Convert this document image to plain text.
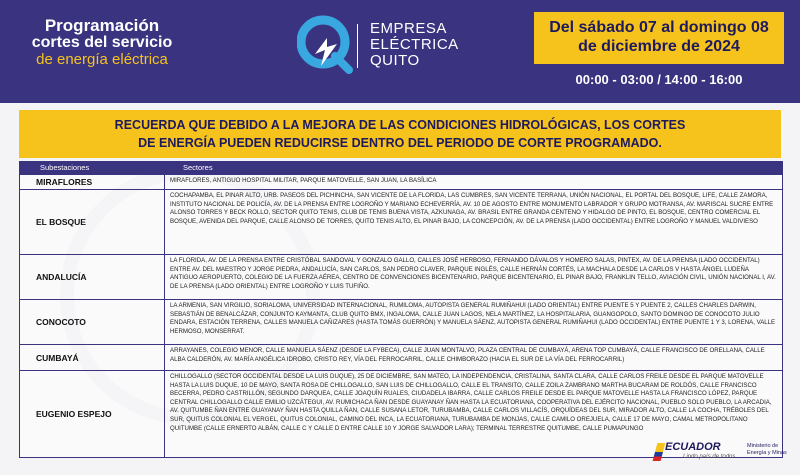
Programación
cortes del servicio
de energía eléctrica
EMPRESA
ELÉCTRICA
QUITO
Del sábado 07 al domingo 08
de diciembre de 2024
00:00 - 03:00 / 14:00 - 16:00
RECUERDA QUE DEBIDO A LA MEJORA DE LAS CONDICIONES HIDROLÓGICAS, LOS CORTES
DE ENERGÍA PUEDEN REDUCIRSE DENTRO DEL PERIODO DE CORTE PROGRAMADO.
Subestaciones	Sectores
MIRAFLORES	MIRAFLORES, ANTIGUO HOSPITAL MILITAR, PARQUE MATOVELLE, SAN JUAN, LA BASÍLICA
EL BOSQUE
COCHAPAMBA, EL PINAR ALTO, URB. PASEOS DEL PICHINCHA, SAN VICENTE DE LA FLORIDA, LAS CUMBRES, SAN VICENTE TERRANA, UNIÓN NACIONAL, EL PORTAL DEL BOSQUE, LIFE, CALLE ZAMORA, INSTITUTO NACIONAL DE POLICÍA, AV. DE LA PRENSA ENTRE LOGROÑO Y MARIANO ECHEVERRÍA, AV. 10 DE AGOSTO ENTRE MONUMENTO LABRADOR Y GRUPO MOTRANSA, AV. MARISCAL SUCRE ENTRE ALONSO TORRES Y BECK ROLLO, SECTOR QUITO TENIS, CLUB DE TENIS BUENA VISTA, AZKUNAGA, AV. BRASIL ENTRE GRANDA CENTENO Y HIDALGO DE PINTO, EL BOSQUE, CENTRO COMERCIAL EL BOSQUE, AVENIDA DEL PARQUE, CALLE ALONSO DE TORRES, QUITO TENIS ALTO, EL PINAR BAJO, LA CONCEPCIÓN, AV. DE LA PRENSA (LADO OCCIDENTAL) ENTRE LOGROÑO Y MANUEL VALDIVIESO
ANDALUCÍA
LA FLORIDA, AV. DE LA PRENSA ENTRE CRISTÓBAL SANDOVAL Y GONZALO GALLO, CALLES JOSÉ HERBOSO, FERNANDO DÁVALOS Y HOMERO SALAS, PINTEX, AV. DE LA PRENSA (LADO OCCIDENTAL) ENTRE AV. DEL MAESTRO Y JORGE PIEDRA, ANDALUCÍA, SAN CARLOS, SAN PEDRO CLAVER, PARQUE INGLÉS, CALLE HERNÁN CORTÉS, LA MACHALA DESDE LA CARLOS V HASTA ÁNGEL LUDEÑA ANTIGUO AEROPUERTO, COLEGIO DE LA FUERZA AÉREA, CENTRO DE CONVENCIONES BICENTENARIO, PARQUE BICENTENARIO, EL PINAR BAJO, FRANKLIN TELLO, AVIACIÓN CIVIL, UNIÓN NACIONAL I, AV. DE LA PRENSA (LADO ORIENTAL) ENTRE LOGROÑO Y LUIS TUFIÑO.
CONOCOTO
LA ARMENIA, SAN VIRGILIO, SORIALOMA, UNIVERSIDAD INTERNACIONAL, RUMILOMA, AUTOPISTA GENERAL RUMIÑAHUI (LADO ORIENTAL) ENTRE PUENTE 5 Y PUENTE 2, CALLES CHARLES DARWIN, SEBASTIÁN DE BENALCÁZAR, CONJUNTO KAYMANTA, CLUB QUITO BMX, INGALOMA, CALLE JUAN LAGOS, NELA MARTÍNEZ, LA HOSPITALARIA, GUANGOPOLO, SANTO DOMINGO DE CONOCOTO JULIO ENDARA, ESTACIÓN TERRENA, CALLES MANUELA CAÑIZARES (HASTA TOMÁS GUERRÓN) Y MANUELA SÁENZ, AUTOPISTA GENERAL RUMIÑAHUI (LADO OCCIDENTAL) ENTRE PUENTE 1 Y 3, LORENA, VALLE HERMOSO, MONSERRAT.
CUMBAYÁ
ARRAYANES, COLEGIO MENOR, CALLE MANUELA SÁENZ (DESDE LA FYBECA), CALLE JUAN MONTALVO, PLAZA CENTRAL DE CUMBAYÁ, ARENA TOP CUMBAYÁ, CALLE FRANCISCO DE ORELLANA, CALLE ALBA CALDERÓN, AV. MARÍA ANGÉLICA IDROBO, CRISTO REY, VÍA DEL FERROCARRIL, CALLE CHIMBORAZO (HACIA EL SUR DE LA VÍA DEL FERROCARRIL)
EUGENIO ESPEJO
CHILLOGALLO (SECTOR OCCIDENTAL DESDE LA LUIS DUQUE), 25 DE DICIEMBRE, SAN MATEO, LA INDEPENDENCIA, CRISTALINA, SANTA CLARA, CALLE CARLOS FREILE DESDE EL PARQUE MATOVELLE HASTA LA LUIS DUQUE, 10 DE MAYO, SANTA ROSA DE CHILLOGALLO, SAN LUIS DE CHILLOGALLO, CALLE EL TRANSITO, CALLE ZOILA ZAMBRANO MARTHA BUCARAM DE ROLDÓS, CALLE FRANCISCO BECERRA, PEDRO CASTRILLÓN, SEGUNDO DARQUEA, CALLE JOAQUÍN RUALES, CIUDADELA IBARRA, CALLE CARLOS FREILE DESDE EL PARQUE MATOVELLE HASTA LA FRANCISCO LÓPEZ, PARQUE CENTRAL CHILLOGALLO CALLE EMILIO UZCÁTEGUI, AV. RUMICHACA ÑAN DESDE GUAYANAY ÑAN HASTA LA ECUATORIANA, COOPERATIVA DEL EJÉRCITO NACIONAL, PUEBLO SOLO PUEBLO, LA ARCADIA, AV. QUITUMBE ÑAN ENTRE GUAYANAY ÑAN HASTA QUILLA ÑAN, CALLE SUSANA LETOR, TURUBAMBA, CALLE CARLOS VILLACÍS, ORQUÍDEAS DEL SUR, MIRADOR ALTO, CALLE LA COCHA, TRÉBOLES DEL SUR, QUITUS COLONIAL EL VERGEL, QUITUS COLONIAL, CAMINO DEL INCA, LA ECUATORIANA, TURUBAMBA DE MONJAS, CALLE CAMILO OREJUELA, CALLE 17 DE MAYO, CAMAL METROPOLITANO QUITUMBE (CALLE ERNERTO ALBÁN, CALLE C Y CALLE D ENTRE CALLE 10 Y JORGE SALVADOR LARA); TERMINAL TERRESTRE QUITUMBE, CALLE PUMAPUNGO
ECUADOR
Lindo país de todos
Ministerio de
Energía y Minas
